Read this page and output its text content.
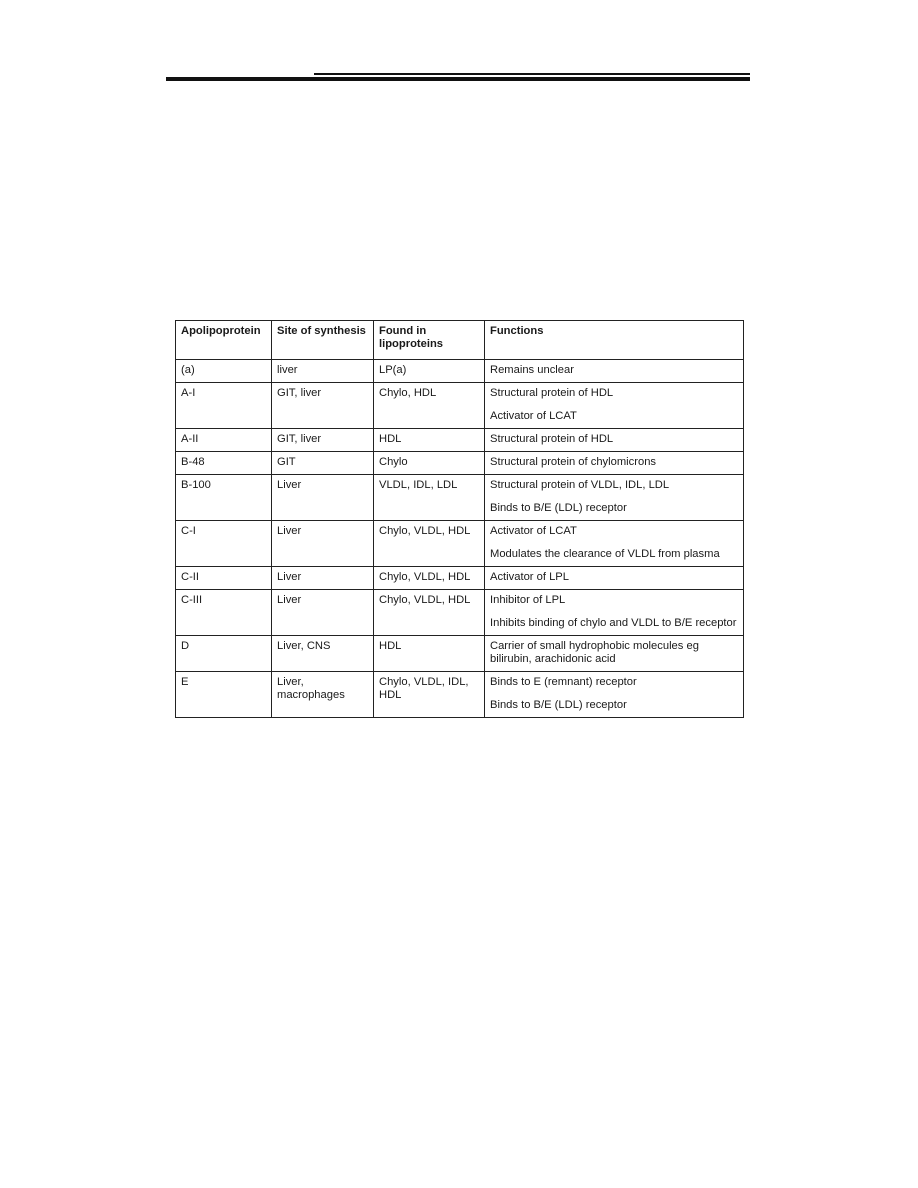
Apolipoprotein	Site of synthesis	Found in lipoproteins	Functions
(a)	liver	LP(a)	Remains unclear

A-I	GIT, liver	Chylo, HDL	Structural protein of HDL
Activator of LCAT

A-II	GIT, liver	HDL	Structural protein of HDL

B-48	GIT	Chylo	Structural protein of chylomicrons

B-100	Liver	VLDL, IDL, LDL	Structural protein of VLDL, IDL, LDL
Binds to B/E (LDL) receptor

C-I	Liver	Chylo, VLDL, HDL	Activator of LCAT
Modulates the clearance of VLDL from plasma

C-II	Liver	Chylo, VLDL, HDL	Activator of LPL

C-III	Liver	Chylo, VLDL, HDL	Inhibitor of LPL
Inhibits binding of chylo and VLDL to B/E receptor

D	Liver, CNS	HDL	Carrier of small hydrophobic molecules eg bilirubin, arachidonic acid

E	Liver, macrophages	Chylo, VLDL, IDL, HDL	Binds to E (remnant) receptor
Binds to B/E (LDL) receptor
